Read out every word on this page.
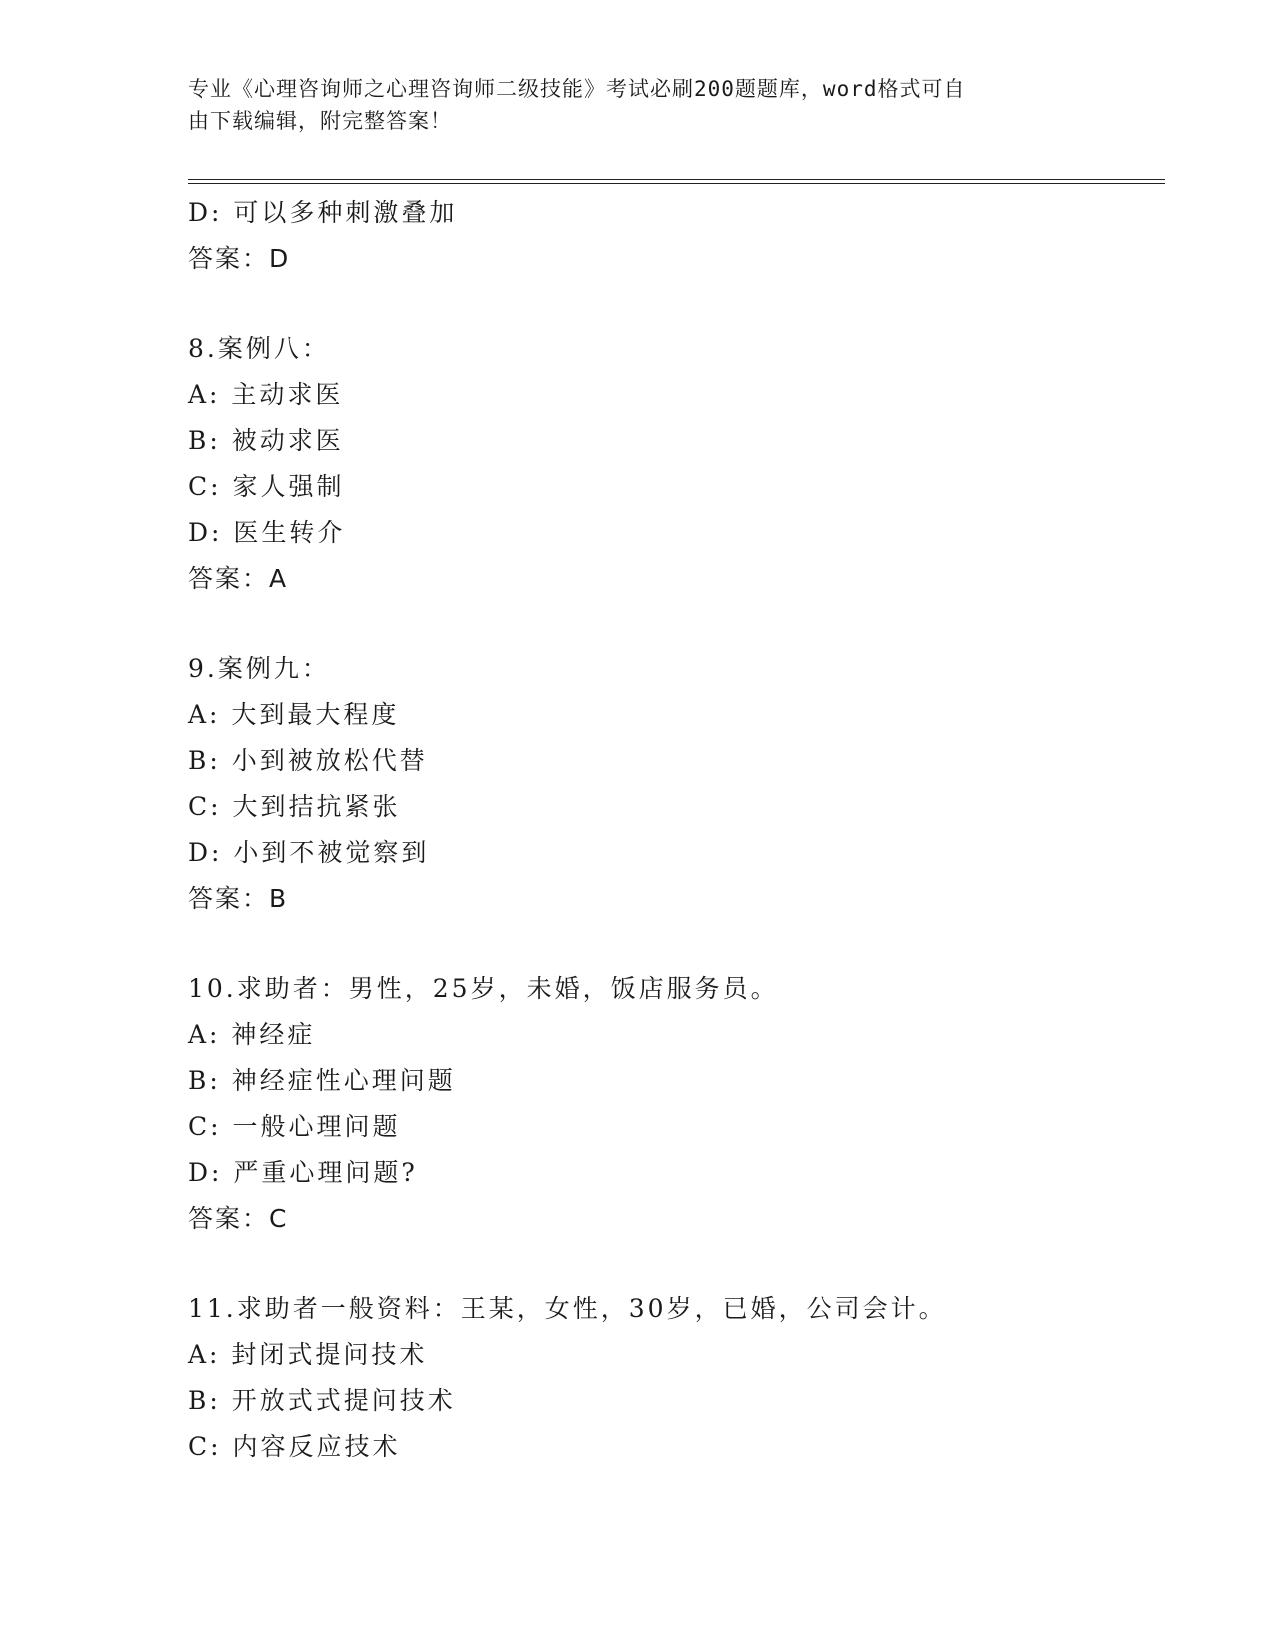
专业《心理咨询师之心理咨询师二级技能》考试必刷200题题库，word格式可自
由下载编辑，附完整答案！
D: 可以多种刺激叠加
答案：D
8.案例八：
A: 主动求医
B: 被动求医
C: 家人强制
D: 医生转介
答案：A
9.案例九：
A: 大到最大程度
B: 小到被放松代替
C: 大到拮抗紧张
D: 小到不被觉察到
答案：B
10.求助者：男性，25岁，未婚，饭店服务员。
A: 神经症
B: 神经症性心理问题
C: 一般心理问题
D: 严重心理问题?
答案：C
11.求助者一般资料：王某，女性，30岁，已婚，公司会计。
A: 封闭式提问技术
B: 开放式式提问技术
C: 内容反应技术
